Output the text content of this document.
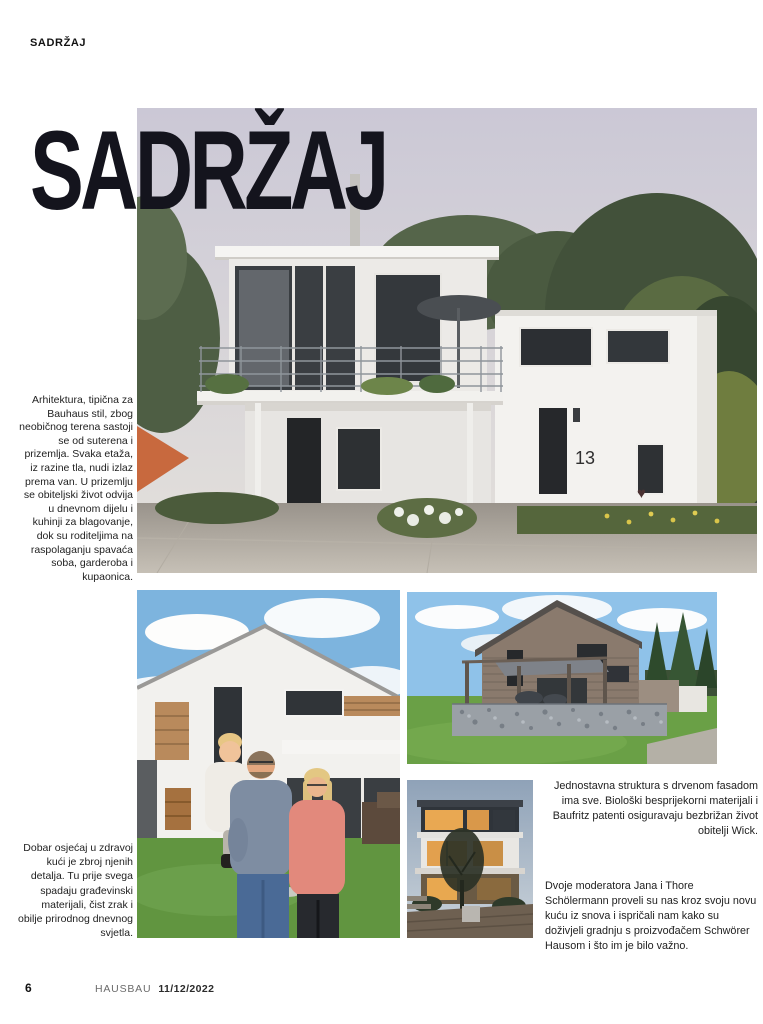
SADRŽAJ
13
♥
SADRŽAJ
Arhitektura, tipična za Bauhaus stil, zbog neobičnog terena sastoji se od suterena i prizemlja. Svaka etaža, iz razine tla, nudi izlaz prema van. U prizemlju se obiteljski život odvija u dnevnom dijelu i kuhinji za blagovanje, dok su roditeljima na raspolaganju spavaća soba, garderoba i kupaonica.
Jednostavna struktura s drvenom fasadom ima sve. Biološki besprijekorni materijali i Baufritz patenti osiguravaju bezbrižan život obitelji Wick.
Dvoje moderatora Jana i Thore Schölermann proveli su nas kroz svoju novu kuću iz snova i ispričali nam kako su doživjeli gradnju s proizvođačem Schwörer Hausom i što im je bilo važno.
Dobar osjećaj u zdravoj kući je zbroj njenih detalja. Tu prije svega spadaju građevinski materijali, čist zrak i obilje prirodnog dnevnog svjetla.
6	HAUSBAU 11/12/2022
